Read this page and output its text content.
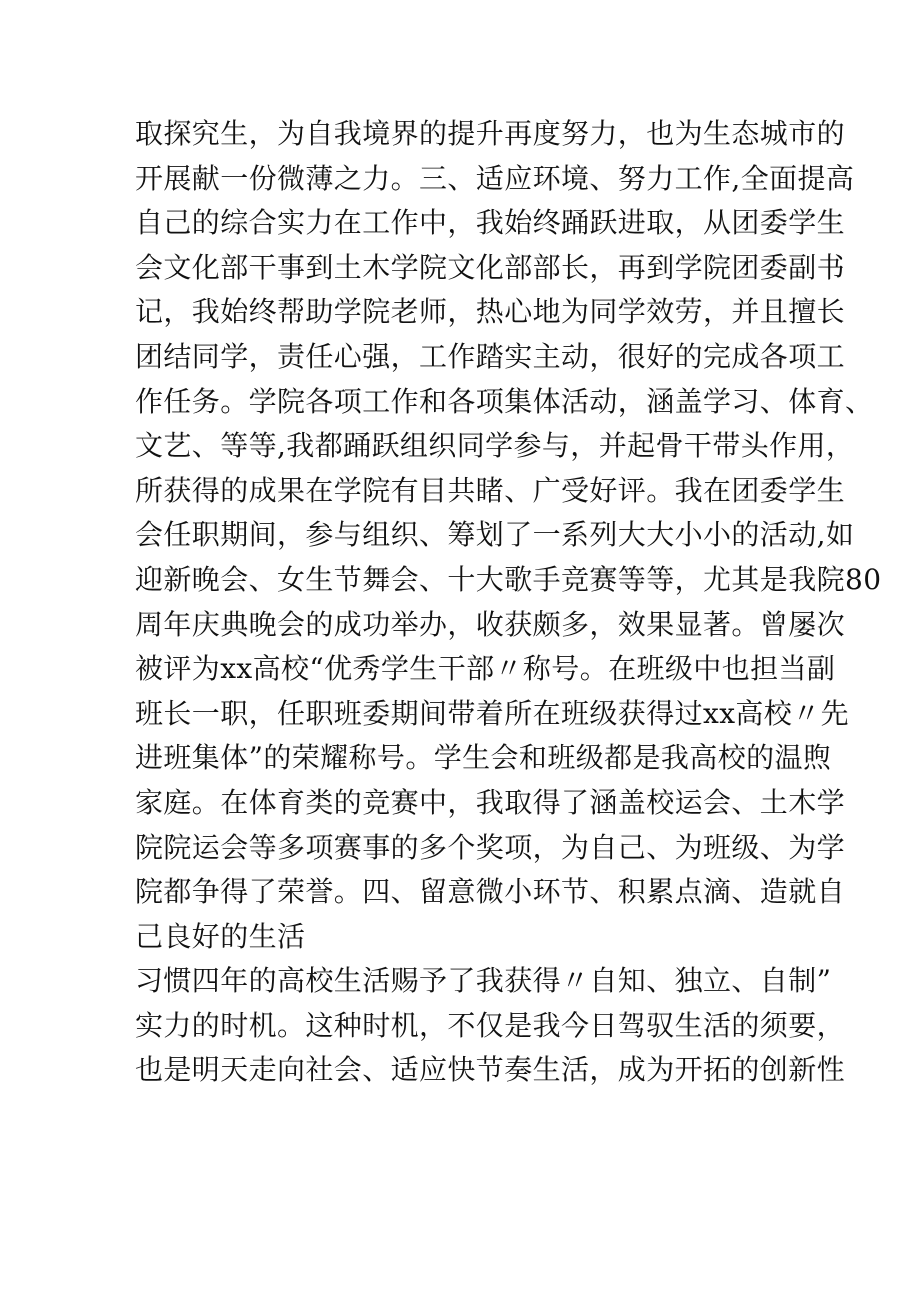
取探究生，为自我境界的提升再度努力，也为生态城市的
开展献一份微薄之力。三、适应环境、努力工作,全面提高
自己的综合实力在工作中，我始终踊跃进取，从团委学生
会文化部干事到土木学院文化部部长，再到学院团委副书
记，我始终帮助学院老师，热心地为同学效劳，并且擅长
团结同学，责任心强，工作踏实主动，很好的完成各项工
作任务。学院各项工作和各项集体活动，涵盖学习、体育、
文艺、等等,我都踊跃组织同学参与，并起骨干带头作用，
所获得的成果在学院有目共睹、广受好评。我在团委学生
会任职期间，参与组织、筹划了一系列大大小小的活动,如
迎新晚会、女生节舞会、十大歌手竞赛等等，尤其是我院80
周年庆典晚会的成功举办，收获颇多，效果显著。曾屡次
被评为xx高校“优秀学生干部〃称号。在班级中也担当副
班长一职，任职班委期间带着所在班级获得过xx高校〃先
进班集体”的荣耀称号。学生会和班级都是我高校的温煦
家庭。在体育类的竞赛中，我取得了涵盖校运会、土木学
院院运会等多项赛事的多个奖项，为自己、为班级、为学
院都争得了荣誉。四、留意微小环节、积累点滴、造就自
己良好的生活
习惯四年的高校生活赐予了我获得〃自知、独立、自制”
实力的时机。这种时机，不仅是我今日驾驭生活的须要，
也是明天走向社会、适应快节奏生活，成为开拓的创新性
